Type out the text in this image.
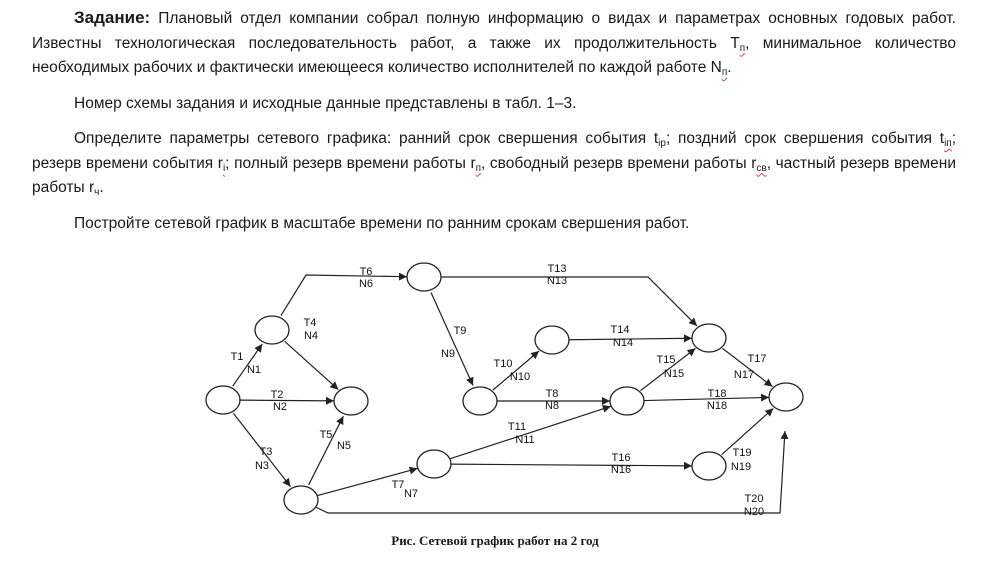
Задание: Плановый отдел компании собрал полную информацию о видах и параметрах основных годовых работ. Известны технологическая последовательность работ, а также их продолжительность $T_п$, минимальное количество необходимых рабочих и фактически имеющееся количество исполнителей по каждой работе $N_п$.

Номер схемы задания и исходные данные представлены в табл. 1–3.

Определите параметры сетевого графика: ранний срок свершения события $t_{iр}$; поздний срок свершения события $t_{iп}$; резерв времени события $r_i$; полный резерв времени работы $r_п$, свободный резерв времени работы $r_{св}$, частный резерв времени работы $r_ч$.

Постройте сетевой график в масштабе времени по ранним срокам свершения работ.

T1
N1
T2
N2
T3
N3
T4
N4
T5
N5
T6
N6
T7
N7
T9
N9
T10
N10
T11
N11
T8
N8
T13
N13
T14
N14
T15
N15
T16
N16
T17
N17
T18
N18
T19
N19
T20
N20
Рис. Сетевой график работ на 2 год
